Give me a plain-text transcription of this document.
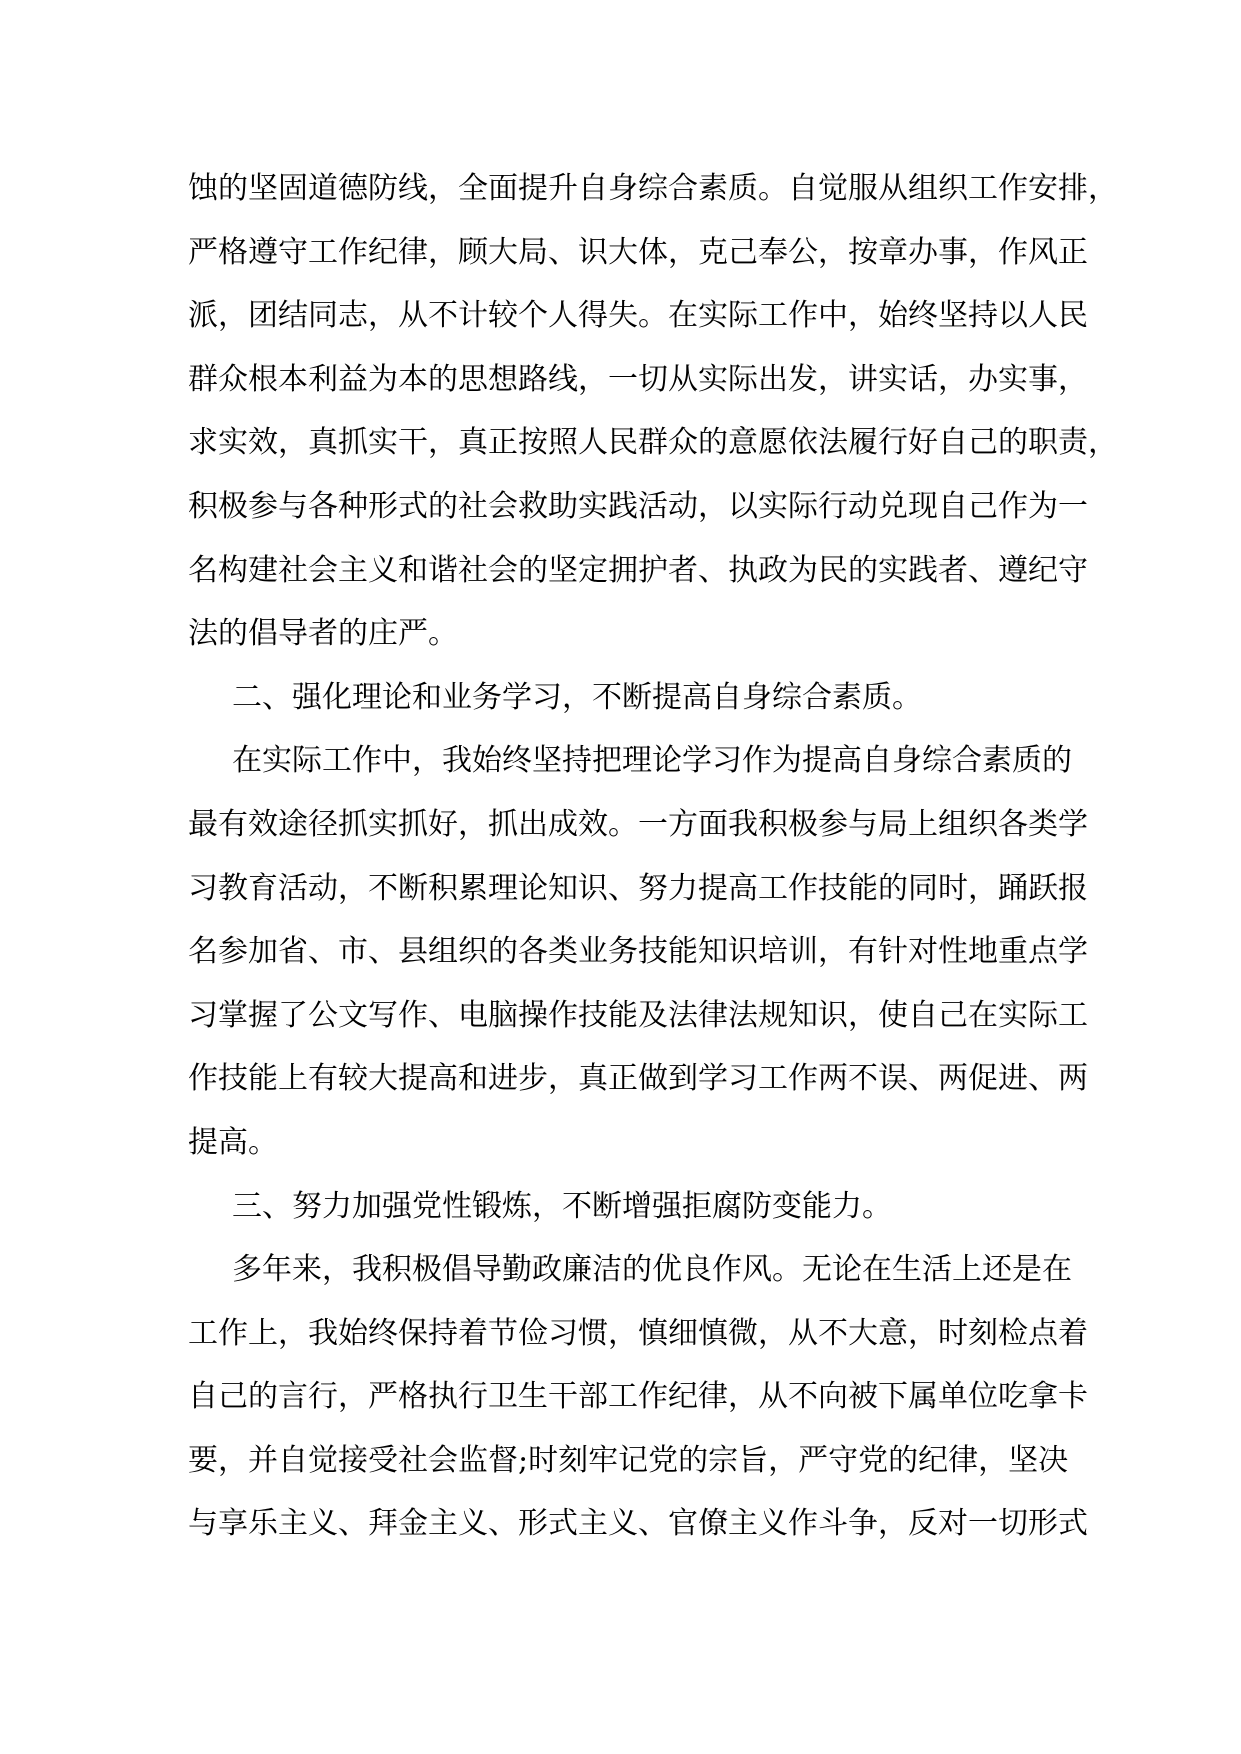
蚀的坚固道德防线，全面提升自身综合素质。自觉服从组织工作安排，
严格遵守工作纪律，顾大局、识大体，克己奉公，按章办事，作风正
派，团结同志，从不计较个人得失。在实际工作中，始终坚持以人民
群众根本利益为本的思想路线，一切从实际出发，讲实话，办实事，
求实效，真抓实干，真正按照人民群众的意愿依法履行好自己的职责，
积极参与各种形式的社会救助实践活动，以实际行动兑现自己作为一
名构建社会主义和谐社会的坚定拥护者、执政为民的实践者、遵纪守
法的倡导者的庄严。
二、强化理论和业务学习，不断提高自身综合素质。
在实际工作中，我始终坚持把理论学习作为提高自身综合素质的
最有效途径抓实抓好，抓出成效。一方面我积极参与局上组织各类学
习教育活动，不断积累理论知识、努力提高工作技能的同时，踊跃报
名参加省、市、县组织的各类业务技能知识培训，有针对性地重点学
习掌握了公文写作、电脑操作技能及法律法规知识，使自己在实际工
作技能上有较大提高和进步，真正做到学习工作两不误、两促进、两
提高。
三、努力加强党性锻炼，不断增强拒腐防变能力。
多年来，我积极倡导勤政廉洁的优良作风。无论在生活上还是在
工作上，我始终保持着节俭习惯，慎细慎微，从不大意，时刻检点着
自己的言行，严格执行卫生干部工作纪律，从不向被下属单位吃拿卡
要，并自觉接受社会监督;时刻牢记党的宗旨，严守党的纪律，坚决
与享乐主义、拜金主义、形式主义、官僚主义作斗争，反对一切形式
